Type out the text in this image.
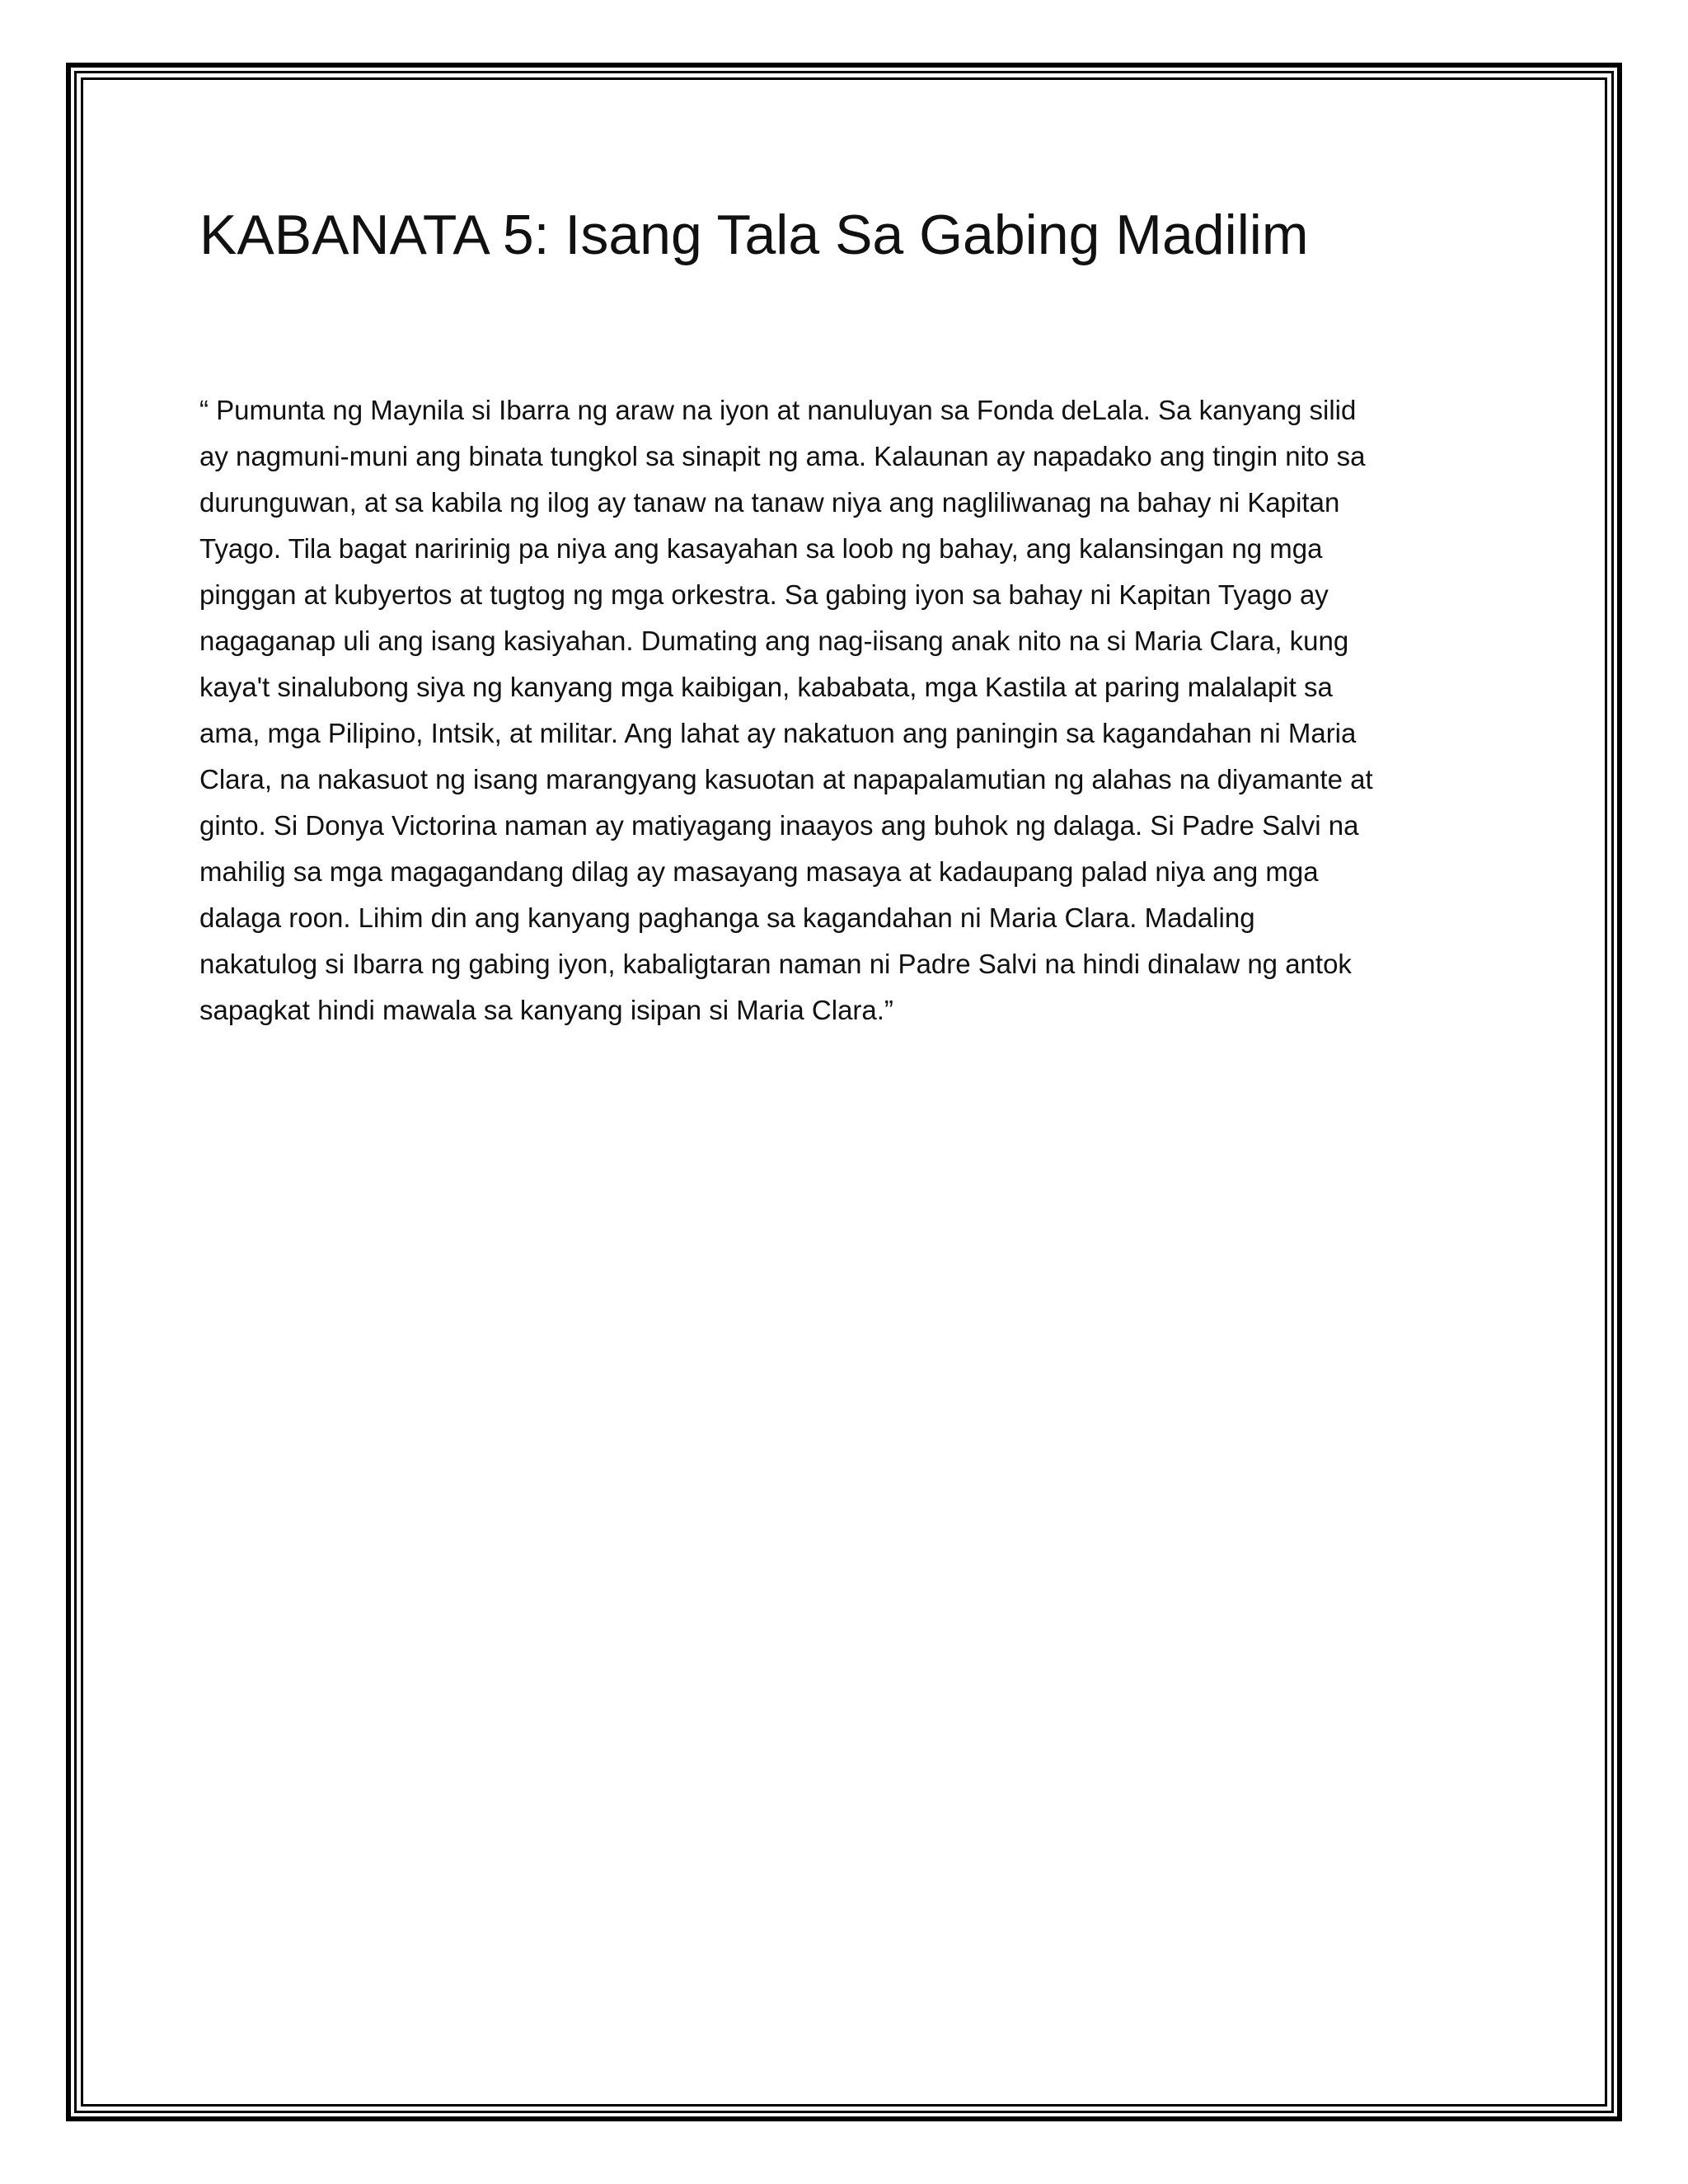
KABANATA 5: Isang Tala Sa Gabing Madilim
“ Pumunta ng Maynila si Ibarra ng araw na iyon at nanuluyan sa Fonda deLala. Sa kanyang silid
ay nagmuni-muni ang binata tungkol sa sinapit ng ama. Kalaunan ay napadako ang tingin nito sa
durunguwan, at sa kabila ng ilog ay tanaw na tanaw niya ang nagliliwanag na bahay ni Kapitan
Tyago. Tila bagat naririnig pa niya ang kasayahan sa loob ng bahay, ang kalansingan ng mga
pinggan at kubyertos at tugtog ng mga orkestra. Sa gabing iyon sa bahay ni Kapitan Tyago ay
nagaganap uli ang isang kasiyahan. Dumating ang nag-iisang anak nito na si Maria Clara, kung
kaya't sinalubong siya ng kanyang mga kaibigan, kababata, mga Kastila at paring malalapit sa
ama, mga Pilipino, Intsik, at militar. Ang lahat ay nakatuon ang paningin sa kagandahan ni Maria
Clara, na nakasuot ng isang marangyang kasuotan at napapalamutian ng alahas na diyamante at
ginto. Si Donya Victorina naman ay matiyagang inaayos ang buhok ng dalaga. Si Padre Salvi na
mahilig sa mga magagandang dilag ay masayang masaya at kadaupang palad niya ang mga
dalaga roon. Lihim din ang kanyang paghanga sa kagandahan ni Maria Clara. Madaling
nakatulog si Ibarra ng gabing iyon, kabaligtaran naman ni Padre Salvi na hindi dinalaw ng antok
sapagkat hindi mawala sa kanyang isipan si Maria Clara.”
